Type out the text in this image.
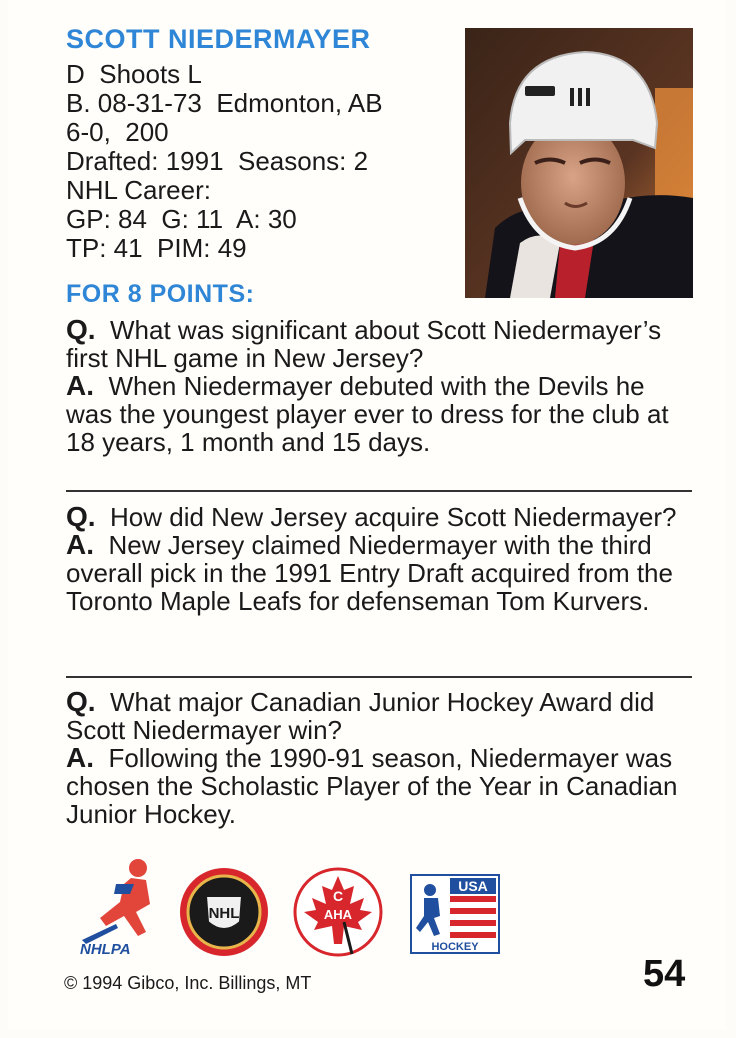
SCOTT NIEDERMAYER
D  Shoots L
B. 08-31-73  Edmonton, AB
6-0,  200
Drafted: 1991  Seasons: 2
NHL Career:
GP: 84  G: 11  A: 30
TP: 41  PIM: 49
FOR 8 POINTS:

Q. What was significant about Scott Niedermayer’s first NHL game in New Jersey?

A. When Niedermayer debuted with the Devils he was the youngest player ever to dress for the club at 18 years, 1 month and 15 days.

Q. How did New Jersey acquire Scott Niedermayer?

A. New Jersey claimed Niedermayer with the third overall pick in the 1991 Entry Draft acquired from the Toronto Maple Leafs for defenseman Tom Kurvers.

Q. What major Canadian Junior Hockey Award did Scott Niedermayer win?

A. Following the 1990-91 season, Niedermayer was chosen the Scholastic Player of the Year in Canadian Junior Hockey.

NHLPA
NHL
C
AHA
USA
HOCKEY
© 1994 Gibco, Inc. Billings, MT	54
